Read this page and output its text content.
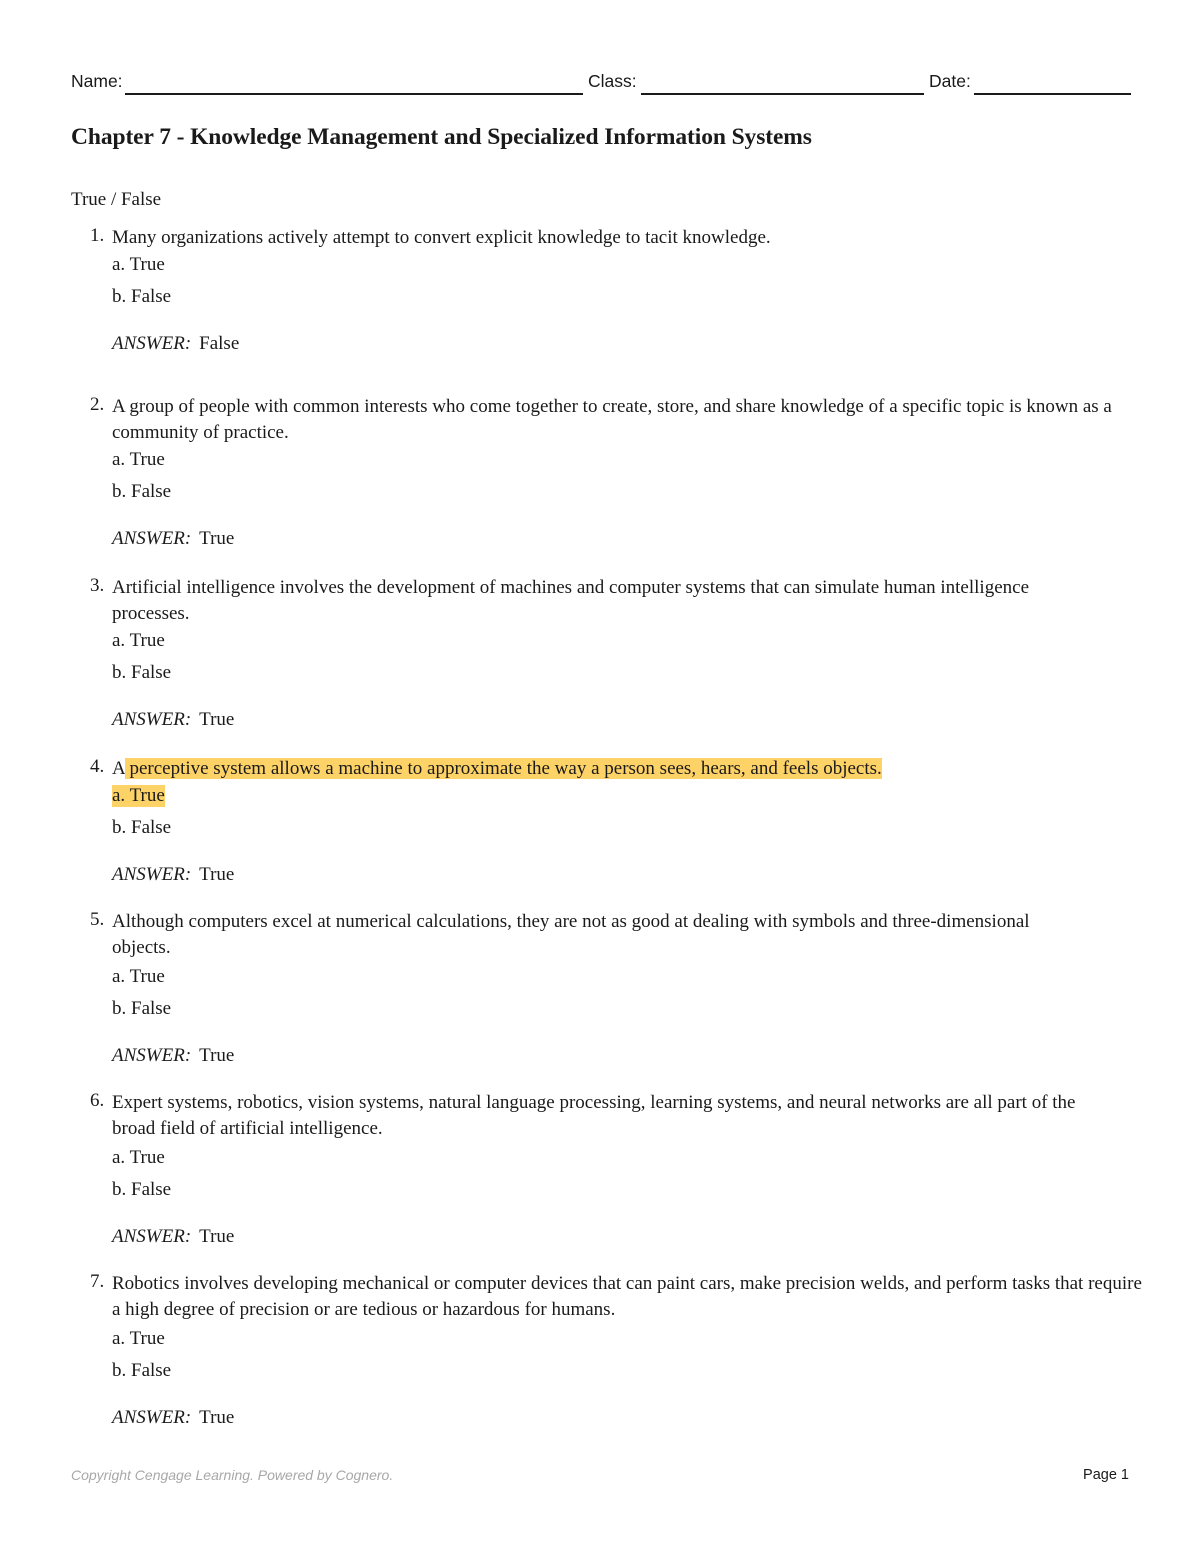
Name:	Class:	Date:
Chapter 7 - Knowledge Management and Specialized Information Systems
True / False
1. Many organizations actively attempt to convert explicit knowledge to tacit knowledge.
a. True
b. False
ANSWER: False
2. A group of people with common interests who come together to create, store, and share knowledge of a specific topic is known as a community of practice.
a. True
b. False
ANSWER: True
3. Artificial intelligence involves the development of machines and computer systems that can simulate human intelligence processes.
a. True
b. False
ANSWER: True
4. A perceptive system allows a machine to approximate the way a person sees, hears, and feels objects.
a. True
b. False
ANSWER: True
5. Although computers excel at numerical calculations, they are not as good at dealing with symbols and three-dimensional objects.
a. True
b. False
ANSWER: True
6. Expert systems, robotics, vision systems, natural language processing, learning systems, and neural networks are all part of the broad field of artificial intelligence.
a. True
b. False
ANSWER: True
7. Robotics involves developing mechanical or computer devices that can paint cars, make precision welds, and perform tasks that require a high degree of precision or are tedious or hazardous for humans.
a. True
b. False
ANSWER: True
Copyright Cengage Learning. Powered by Cognero.	Page 1
